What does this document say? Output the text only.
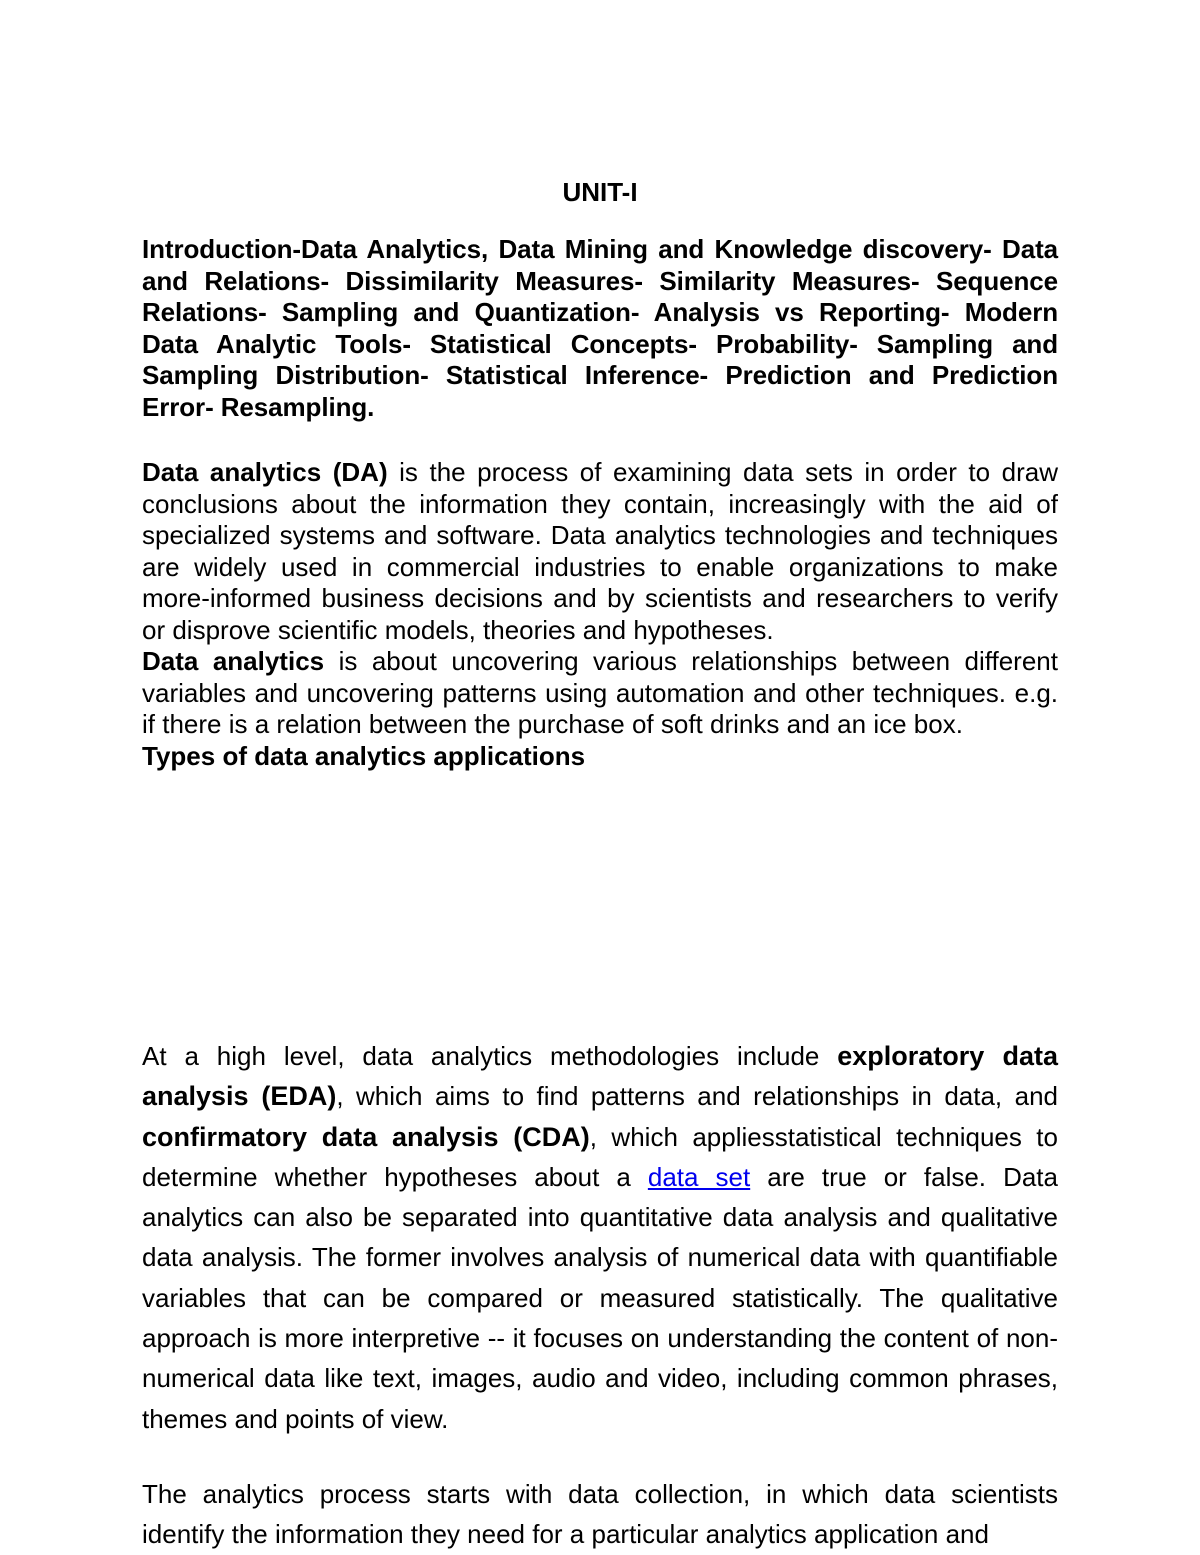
UNIT-I

Introduction-Data Analytics, Data Mining and Knowledge discovery- Data and Relations- Dissimilarity Measures- Similarity Measures- Sequence Relations- Sampling and Quantization- Analysis vs Reporting- Modern Data Analytic Tools- Statistical Concepts- Probability- Sampling and Sampling Distribution- Statistical Inference- Prediction and Prediction Error- Resampling.

Data analytics (DA) is the process of examining data sets in order to draw conclusions about the information they contain, increasingly with the aid of specialized systems and software. Data analytics technologies and techniques are widely used in commercial industries to enable organizations to make more-informed business decisions and by scientists and researchers to verify or disprove scientific models, theories and hypotheses.

Data analytics is about uncovering various relationships between different variables and uncovering patterns using automation and other techniques. e.g. if there is a relation between the purchase of soft drinks and an ice box.

Types of data analytics applications

At a high level, data analytics methodologies include exploratory data analysis (EDA), which aims to find patterns and relationships in data, and confirmatory data analysis (CDA), which appliesstatistical techniques to determine whether hypotheses about a data set are true or false. Data analytics can also be separated into quantitative data analysis and qualitative data analysis. The former involves analysis of numerical data with quantifiable variables that can be compared or measured statistically. The qualitative approach is more interpretive -- it focuses on understanding the content of non-numerical data like text, images, audio and video, including common phrases, themes and points of view.

The analytics process starts with data collection, in which data scientists identify the information they need for a particular analytics application and
